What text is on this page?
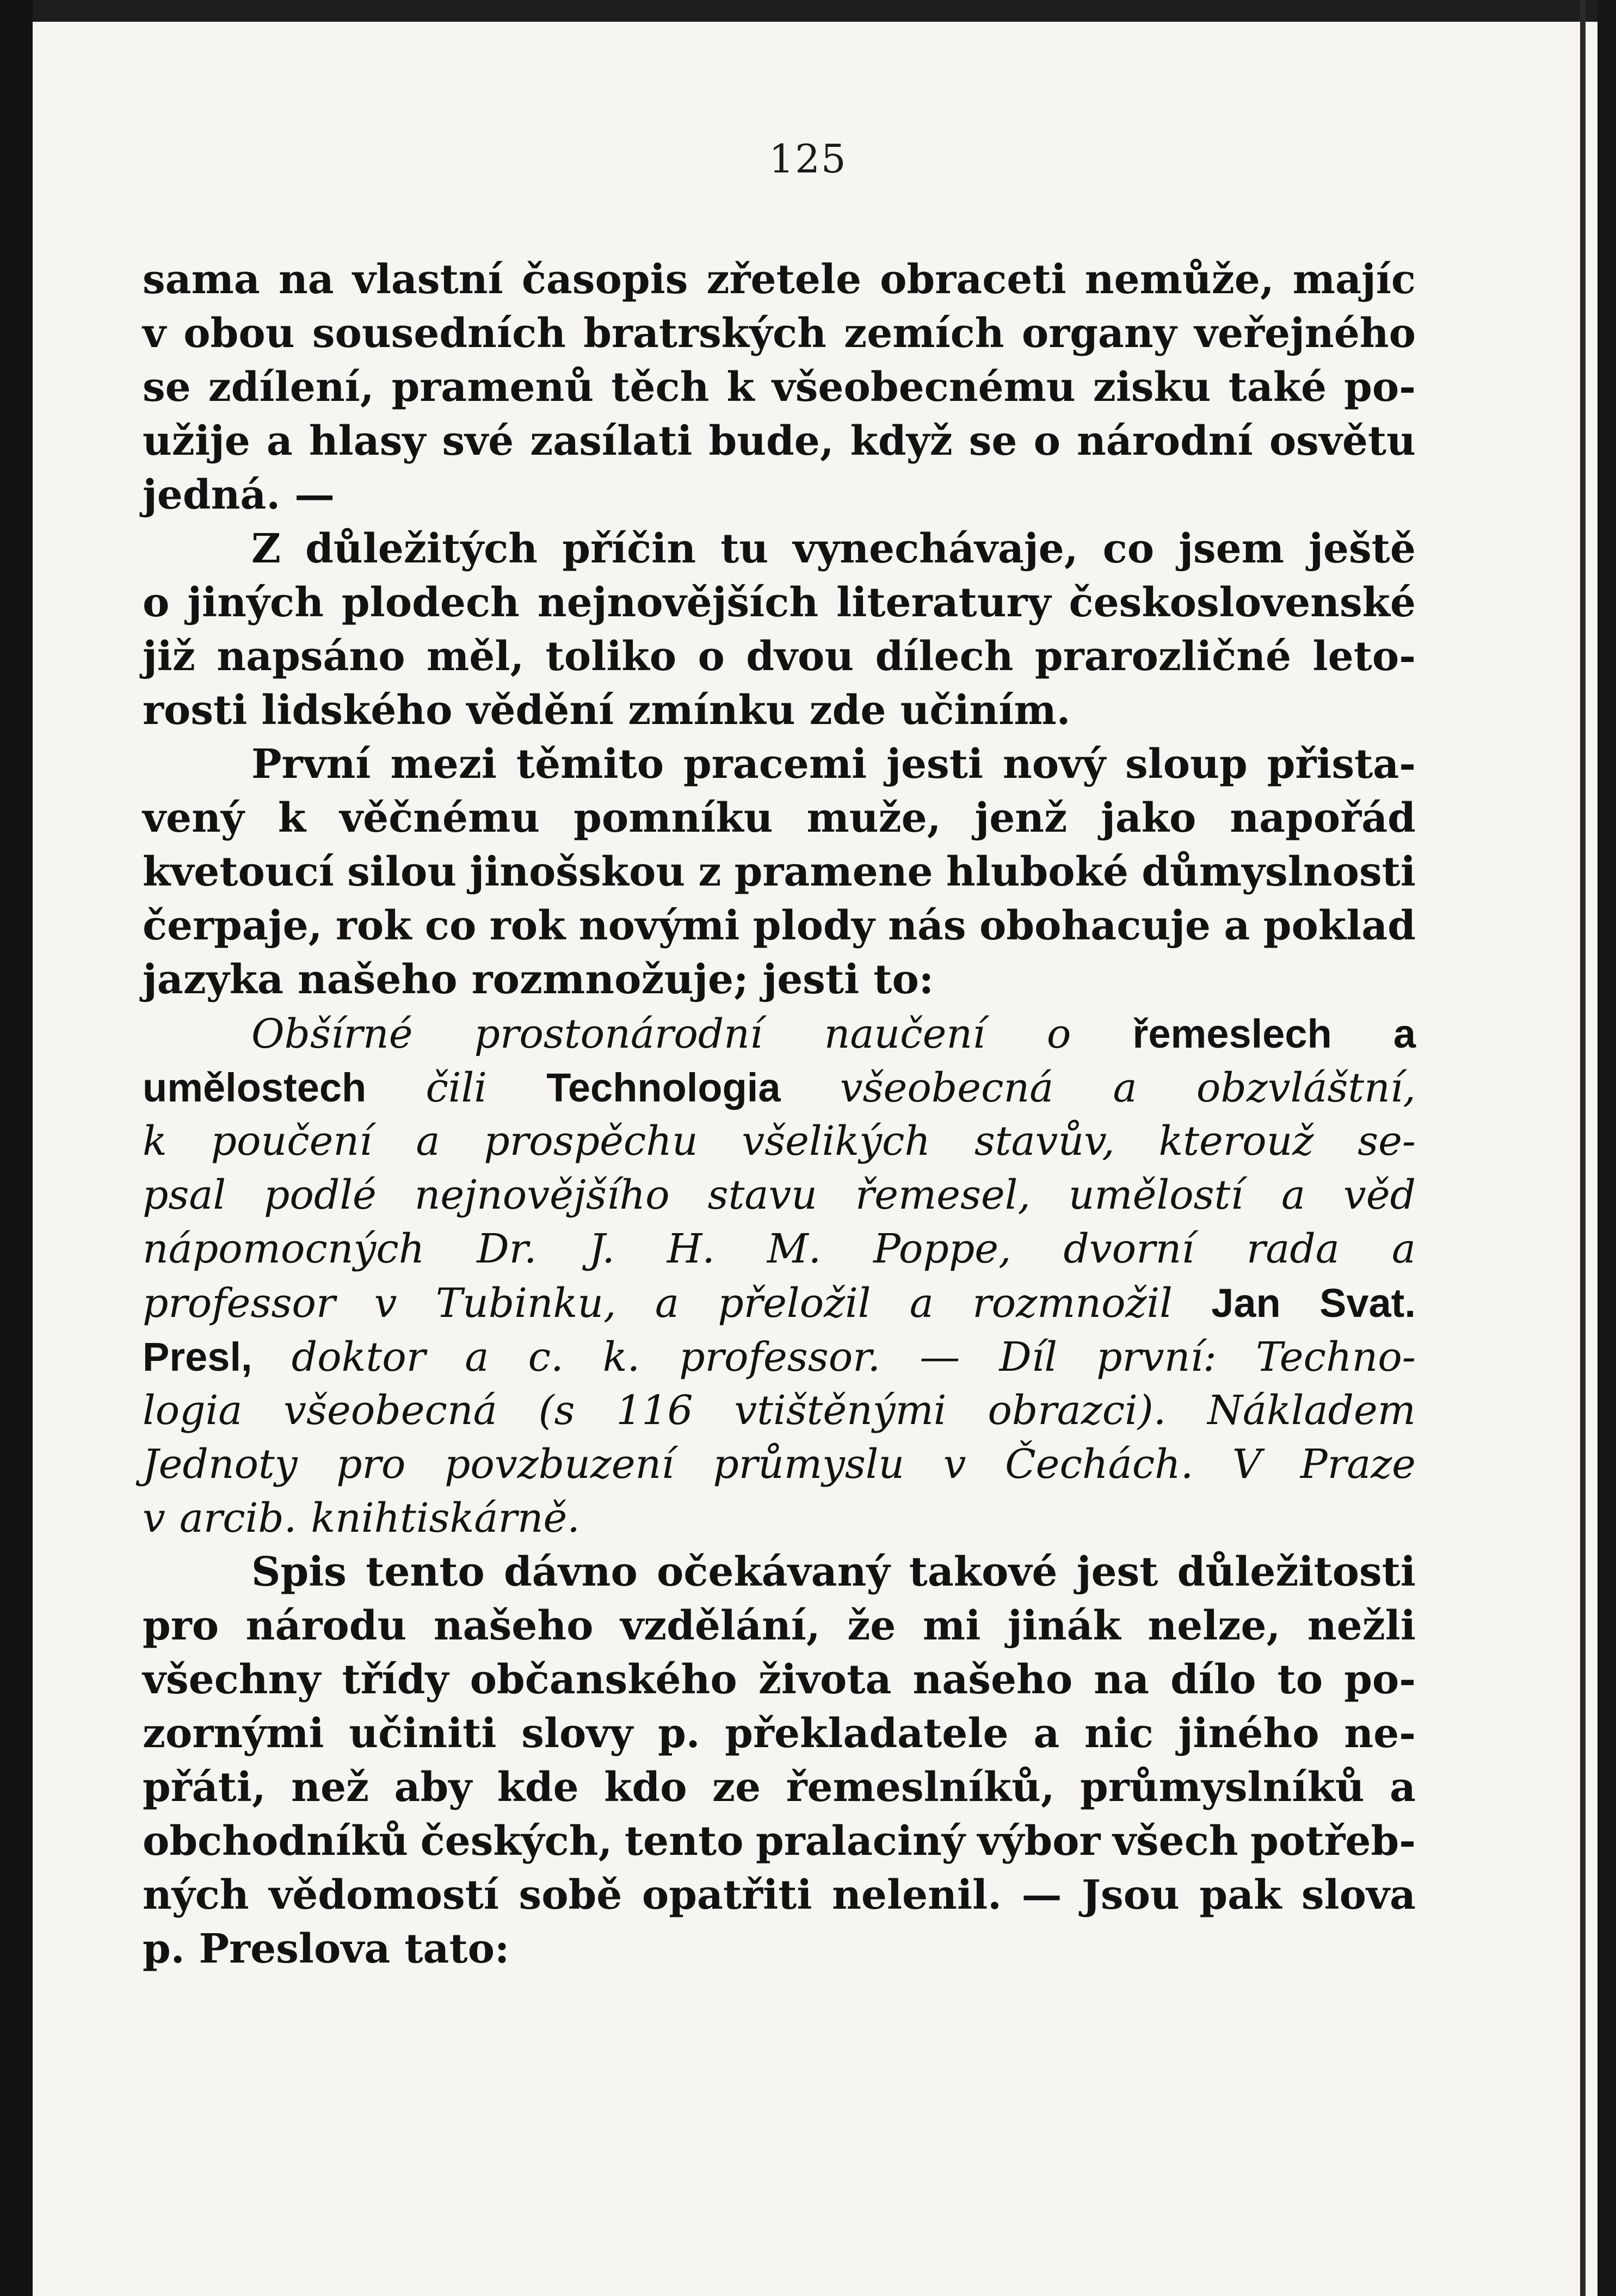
125
sama na vlastní časopis zřetele obraceti nemůže, majíc
v obou sousedních bratrských zemích organy veřejného
se zdílení, pramenů těch k všeobecnému zisku také po-
užije a hlasy své zasílati bude, když se o národní osvětu
jedná. —
Z důležitých příčin tu vynechávaje, co jsem ještě
o jiných plodech nejnovějších literatury československé
již napsáno měl, toliko o dvou dílech prarozličné leto-
rosti lidského vědění zmínku zde učiním.
První mezi těmito pracemi jesti nový sloup přista-
vený k věčnému pomníku muže, jenž jako napořád
kvetoucí silou jinošskou z pramene hluboké důmyslnosti
čerpaje, rok co rok novými plody nás obohacuje a poklad
jazyka našeho rozmnožuje; jesti to:
Obšírné prostonárodní naučení o řemeslech a
umělostech čili Technologia všeobecná a obzvláštní,
k poučení a prospěchu všelikých stavův, kterouž se-
psal podlé nejnovějšího stavu řemesel, umělostí a věd
nápomocných Dr. J. H. M. Poppe, dvorní rada a
professor v Tubinku, a přeložil a rozmnožil Jan Svat.
Presl, doktor a c. k. professor. — Díl první: Techno-
logia všeobecná (s 116 vtištěnými obrazci). Nákladem
Jednoty pro povzbuzení průmyslu v Čechách. V Praze
v arcib. knihtiskárně.
Spis tento dávno očekávaný takové jest důležitosti
pro národu našeho vzdělání, že mi jinák nelze, nežli
všechny třídy občanského života našeho na dílo to po-
zornými učiniti slovy p. překladatele a nic jiného ne-
přáti, než aby kde kdo ze řemeslníků, průmyslníků a
obchodníků českých, tento pralaciný výbor všech potřeb-
ných vědomostí sobě opatřiti nelenil. — Jsou pak slova
p. Preslova tato:
